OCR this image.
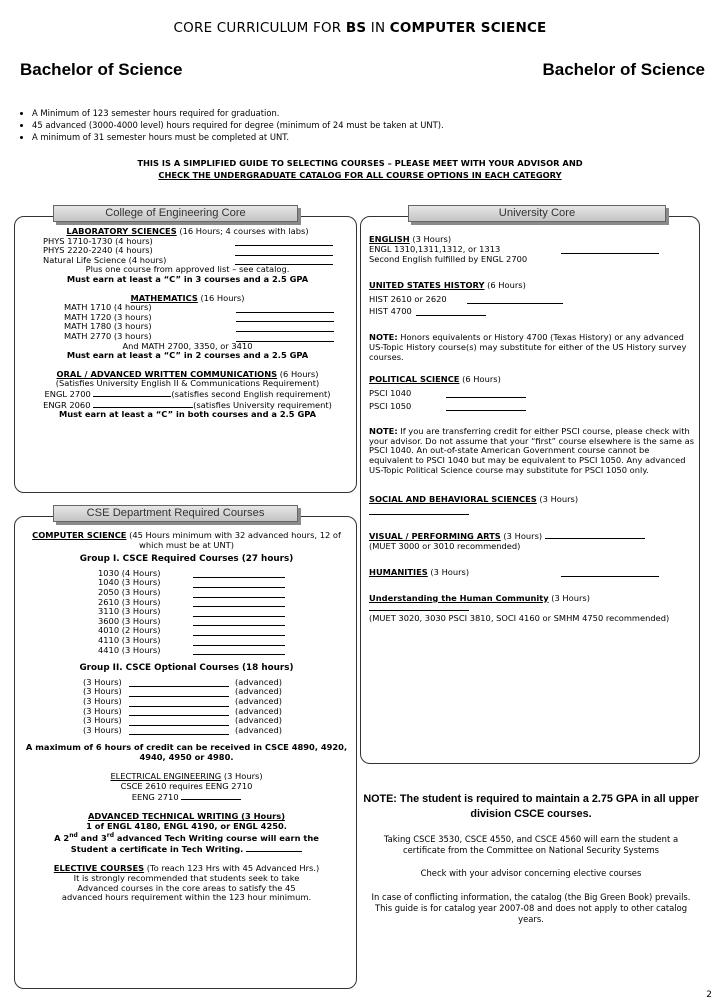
CORE CURRICULUM FOR BS IN COMPUTER SCIENCE
Bachelor of Science	Bachelor of Science
• A Minimum of 123 semester hours required for graduation.
• 45 advanced (3000-4000 level) hours required for degree (minimum of 24 must be taken at UNT).
• A minimum of 31 semester hours must be completed at UNT.
THIS IS A SIMPLIFIED GUIDE TO SELECTING COURSES – PLEASE MEET WITH YOUR ADVISOR AND
CHECK THE UNDERGRADUATE CATALOG FOR ALL COURSE OPTIONS IN EACH CATEGORY
LABORATORY SCIENCES (16 Hours; 4 courses with labs)
PHYS 1710-1730 (4 hours)
PHYS 2220-2240 (4 hours)
Natural Life Science (4 hours)
Plus one course from approved list – see catalog.
Must earn at least a “C” in 3 courses and a 2.5 GPA
MATHEMATICS (16 Hours)
MATH 1710 (4 hours)
MATH 1720 (3 hours)
MATH 1780 (3 hours)
MATH 2770 (3 hours)
And MATH 2700, 3350, or 3410
Must earn at least a “C” in 2 courses and a 2.5 GPA
ORAL / ADVANCED WRITTEN COMMUNICATIONS (6 Hours)
(Satisfies University English II & Communications Requirement)
ENGL 2700	(satisfies second English requirement)
ENGR 2060	(satisfies University requirement)
Must earn at least a “C” in both courses and a 2.5 GPA
College of Engineering Core
COMPUTER SCIENCE (45 Hours minimum with 32 advanced hours, 12 of which must be at UNT)
Group I. CSCE Required Courses (27 hours)
1030 (4 Hours)
1040 (3 Hours)
2050 (3 Hours)
2610 (3 Hours)
3110 (3 Hours)
3600 (3 Hours)
4010 (2 Hours)
4110 (3 Hours)
4410 (3 Hours)
Group II. CSCE Optional Courses (18 hours)
(3 Hours)	(advanced)
(3 Hours)	(advanced)
(3 Hours)	(advanced)
(3 Hours)	(advanced)
(3 Hours)	(advanced)
(3 Hours)	(advanced)
A maximum of 6 hours of credit can be received in CSCE 4890, 4920, 4940, 4950 or 4980.
ELECTRICAL ENGINEERING (3 Hours)
CSCE 2610 requires EENG 2710
EENG 2710
ADVANCED TECHNICAL WRITING (3 Hours)
1 of ENGL 4180, ENGL 4190, or ENGL 4250.
A 2nd and 3rd advanced Tech Writing course will earn the
Student a certificate in Tech Writing.
ELECTIVE COURSES (To reach 123 Hrs with 45 Advanced Hrs.)
It is strongly recommended that students seek to take
Advanced courses in the core areas to satisfy the 45
advanced hours requirement within the 123 hour minimum.
CSE Department Required Courses

ENGLISH (3 Hours)

ENGL 1310,1311,1312, or 1313

Second English fulfilled by ENGL 2700

UNITED STATES HISTORY (6 Hours)

HIST 2610 or 2620
HIST 4700

NOTE: Honors equivalents or History 4700 (Texas History) or any advanced US-Topic History course(s) may substitute for either of the US History survey courses.

POLITICAL SCIENCE (6 Hours)

PSCI 1040
PSCI 1050

NOTE: If you are transferring credit for either PSCI course, please check with your advisor. Do not assume that your “first” course elsewhere is the same as PSCI 1040. An out-of-state American Government course cannot be equivalent to PSCI 1040 but may be equivalent to PSCI 1050. Any advanced US-Topic Political Science course may substitute for PSCI 1050 only.

SOCIAL AND BEHAVIORAL SCIENCES (3 Hours)

VISUAL / PERFORMING ARTS (3 Hours)

(MUET 3000 or 3010 recommended)

HUMANITIES (3 Hours)

Understanding the Human Community (3 Hours)

(MUET 3020, 3030 PSCI 3810, SOCI 4160 or SMHM 4750 recommended)

University Core

NOTE: The student is required to maintain a 2.75 GPA in all upper division CSCE courses.

Taking CSCE 3530, CSCE 4550, and CSCE 4560 will earn the student a certificate from the Committee on National Security Systems

Check with your advisor concerning elective courses

In case of conflicting information, the catalog (the Big Green Book) prevails. This guide is for catalog year 2007-08 and does not apply to other catalog years.

2
